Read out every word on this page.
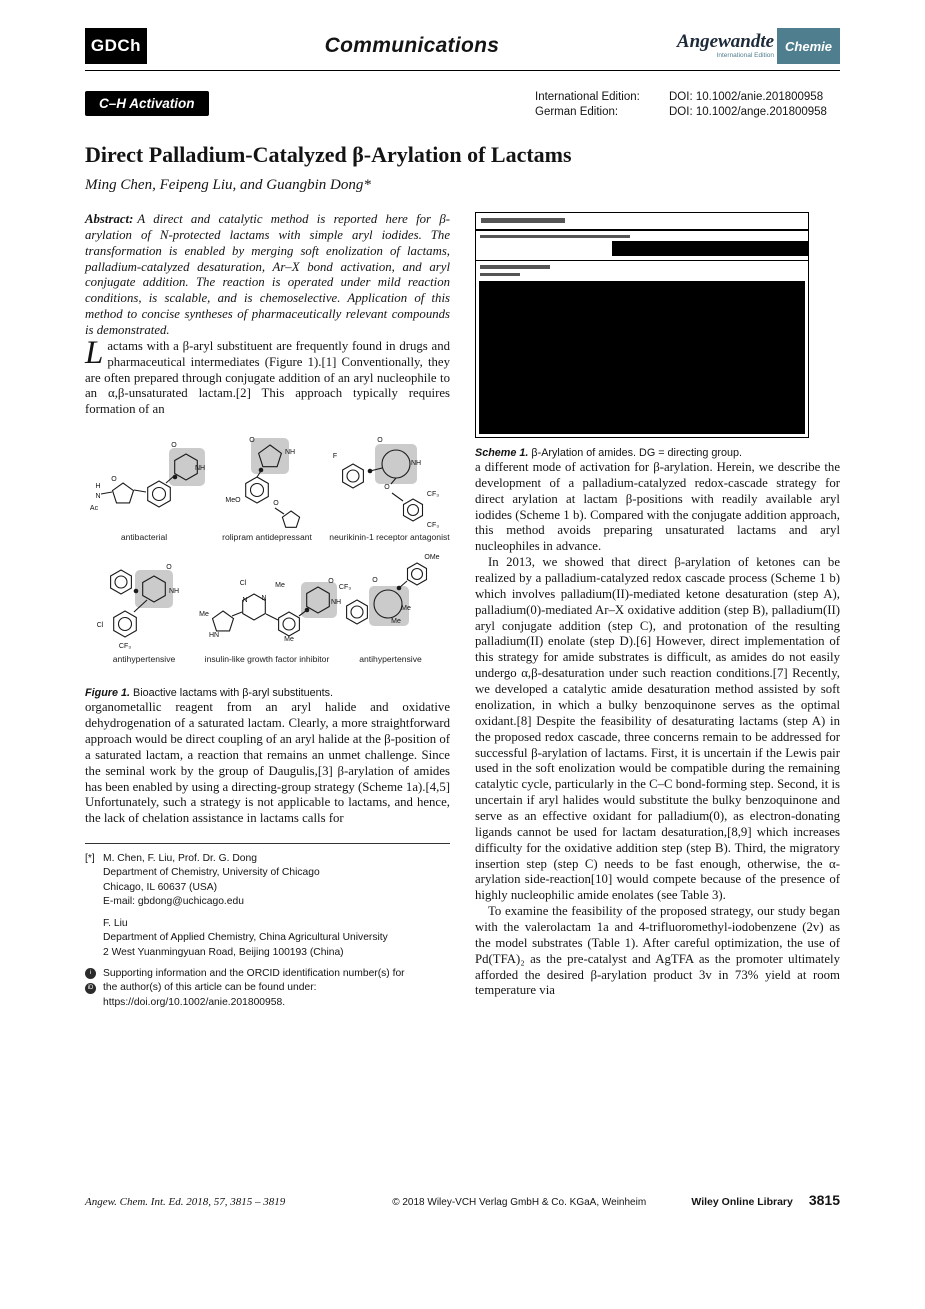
GDCh	Communications	Angewandte
International Edition
Chemie
C–H Activation	International Edition:	DOI: 10.1002/anie.201800958
German Edition:	DOI: 10.1002/ange.201800958
Direct Palladium-Catalyzed β-Arylation of Lactams
Ming Chen, Feipeng Liu, and Guangbin Dong*

Abstract: A direct and catalytic method is reported here for β-arylation of N-protected lactams with simple aryl iodides. The transformation is enabled by merging soft enolization of lactams, palladium-catalyzed desaturation, Ar–X bond activation, and aryl conjugate addition. The reaction is operated under mild reaction conditions, is scalable, and is chemoselective. Application of this method to concise syntheses of pharmaceutically relevant compounds is demonstrated.

Lactams with a β-aryl substituent are frequently found in drugs and pharmaceutical intermediates (Figure 1).[1] Conventionally, they are often prepared through conjugate addition of an aryl nucleophile to an α,β-unsaturated lactam.[2] This approach typically requires formation of an

H
N
Ac
O
O
NH
O
NH
MeO	O
F
O
NH
O
CF₃
CF₃
O
NH
Cl
CF₃
Me
HN
Cl
N N
Me
Me
O
NH
CF₃
O
Me
Me
OMe
antibacterial	rolipram antidepressant	neurikinin-1 receptor antagonist
antihypertensive	insulin-like growth factor inhibitor	antihypertensive
Figure 1. Bioactive lactams with β-aryl substituents.

organometallic reagent from an aryl halide and oxidative dehydrogenation of a saturated lactam. Clearly, a more straightforward approach would be direct coupling of an aryl halide at the β-position of a saturated lactam, a reaction that remains an unmet challenge. Since the seminal work by the group of Daugulis,[3] β-arylation of amides has been enabled by using a directing-group strategy (Scheme 1a).[4,5] Unfortunately, such a strategy is not applicable to lactams, and hence, the lack of chelation assistance in lactams calls for

[*] M. Chen, F. Liu, Prof. Dr. G. Dong
Department of Chemistry, University of Chicago
Chicago, IL 60637 (USA)
E-mail: gbdong@uchicago.edu
F. Liu
Department of Applied Chemistry, China Agricultural University
2 West Yuanmingyuan Road, Beijing 100193 (China)
i
iD
Supporting information and the ORCID identification number(s) for
the author(s) of this article can be found under:
https://doi.org/10.1002/anie.201800958.
Scheme 1. β-Arylation of amides. DG = directing group.

a different mode of activation for β-arylation. Herein, we describe the development of a palladium-catalyzed redox-cascade strategy for direct arylation at lactam β-positions with readily available aryl iodides (Scheme 1 b). Compared with the conjugate addition approach, this method avoids preparing unsaturated lactams and aryl nucleophiles in advance.

In 2013, we showed that direct β-arylation of ketones can be realized by a palladium-catalyzed redox cascade process (Scheme 1 b) which involves palladium(II)-mediated ketone desaturation (step A), palladium(0)-mediated Ar–X oxidative addition (step B), palladium(II) aryl conjugate addition (step C), and protonation of the resulting palladium(II) enolate (step D).[6] However, direct implementation of this strategy for amide substrates is difficult, as amides do not easily undergo α,β-desaturation under such reaction conditions.[7] Recently, we developed a catalytic amide desaturation method assisted by soft enolization, in which a bulky benzoquinone serves as the optimal oxidant.[8] Despite the feasibility of desaturating lactams (step A) in the proposed redox cascade, three concerns remain to be addressed for successful β-arylation of lactams. First, it is uncertain if the Lewis pair used in the soft enolization would be compatible during the remaining catalytic cycle, particularly in the C–C bond-forming step. Second, it is uncertain if aryl halides would substitute the bulky benzoquinone and serve as an effective oxidant for palladium(0), as electron-donating ligands cannot be used for lactam desaturation,[8,9] which increases difficulty for the oxidative addition step (step B). Third, the migratory insertion step (step C) needs to be fast enough, otherwise, the α-arylation side-reaction[10] would compete because of the presence of highly nucleophilic amide enolates (see Table 3).

To examine the feasibility of the proposed strategy, our study began with the valerolactam 1a and 4-trifluoromethyl-iodobenzene (2v) as the model substrates (Table 1). After careful optimization, the use of Pd(TFA)₂ as the pre-catalyst and AgTFA as the promoter ultimately afforded the desired β-arylation product 3v in 73% yield at room temperature via

Angew. Chem. Int. Ed. 2018, 57, 3815 – 3819	© 2018 Wiley-VCH Verlag GmbH & Co. KGaA, Weinheim	Wiley Online Library 3815
